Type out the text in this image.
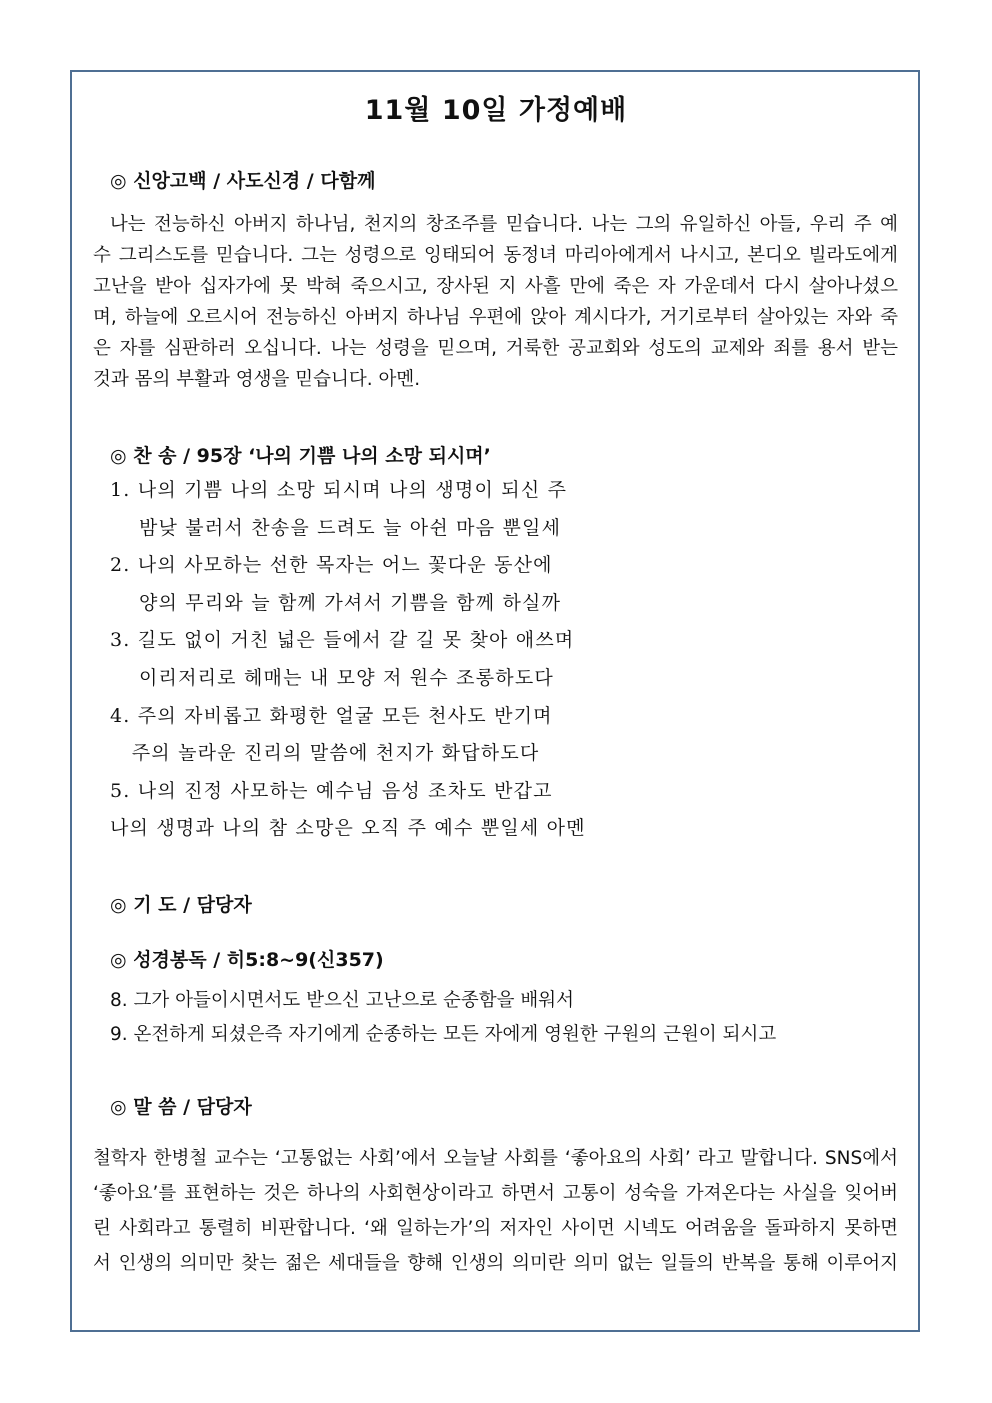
11월 10일 가정예배
◎ 신앙고백 / 사도신경 / 다함께
나는 전능하신 아버지 하나님, 천지의 창조주를 믿습니다. 나는 그의 유일하신 아들, 우리 주 예
수 그리스도를 믿습니다. 그는 성령으로 잉태되어 동정녀 마리아에게서 나시고, 본디오 빌라도에게
고난을 받아 십자가에 못 박혀 죽으시고, 장사된 지 사흘 만에 죽은 자 가운데서 다시 살아나셨으
며, 하늘에 오르시어 전능하신 아버지 하나님 우편에 앉아 계시다가, 거기로부터 살아있는 자와 죽
은 자를 심판하러 오십니다. 나는 성령을 믿으며, 거룩한 공교회와 성도의 교제와 죄를 용서 받는
것과 몸의 부활과 영생을 믿습니다. 아멘.
◎ 찬 송 / 95장 ‘나의 기쁨 나의 소망 되시며’
1. 나의 기쁨 나의 소망 되시며 나의 생명이 되신 주
밤낮 불러서 찬송을 드려도 늘 아쉰 마음 뿐일세
2. 나의 사모하는 선한 목자는 어느 꽃다운 동산에
양의 무리와 늘 함께 가셔서 기쁨을 함께 하실까
3. 길도 없이 거친 넓은 들에서 갈 길 못 찾아 애쓰며
이리저리로 헤매는 내 모양 저 원수 조롱하도다
4. 주의 자비롭고 화평한 얼굴 모든 천사도 반기며
주의 놀라운 진리의 말씀에 천지가 화답하도다
5. 나의 진정 사모하는 예수님 음성 조차도 반갑고
나의 생명과 나의 참 소망은 오직 주 예수 뿐일세 아멘
◎ 기 도 / 담당자
◎ 성경봉독 / 히5:8~9(신357)
8. 그가 아들이시면서도 받으신 고난으로 순종함을 배워서
9. 온전하게 되셨은즉 자기에게 순종하는 모든 자에게 영원한 구원의 근원이 되시고
◎ 말 씀 / 담당자
철학자 한병철 교수는 ‘고통없는 사회’에서 오늘날 사회를 ‘좋아요의 사회’ 라고 말합니다. SNS에서
‘좋아요’를 표현하는 것은 하나의 사회현상이라고 하면서 고통이 성숙을 가져온다는 사실을 잊어버
린 사회라고 통렬히 비판합니다. ‘왜 일하는가’의 저자인 사이먼 시넥도 어려움을 돌파하지 못하면
서 인생의 의미만 찾는 젊은 세대들을 향해 인생의 의미란 의미 없는 일들의 반복을 통해 이루어지
